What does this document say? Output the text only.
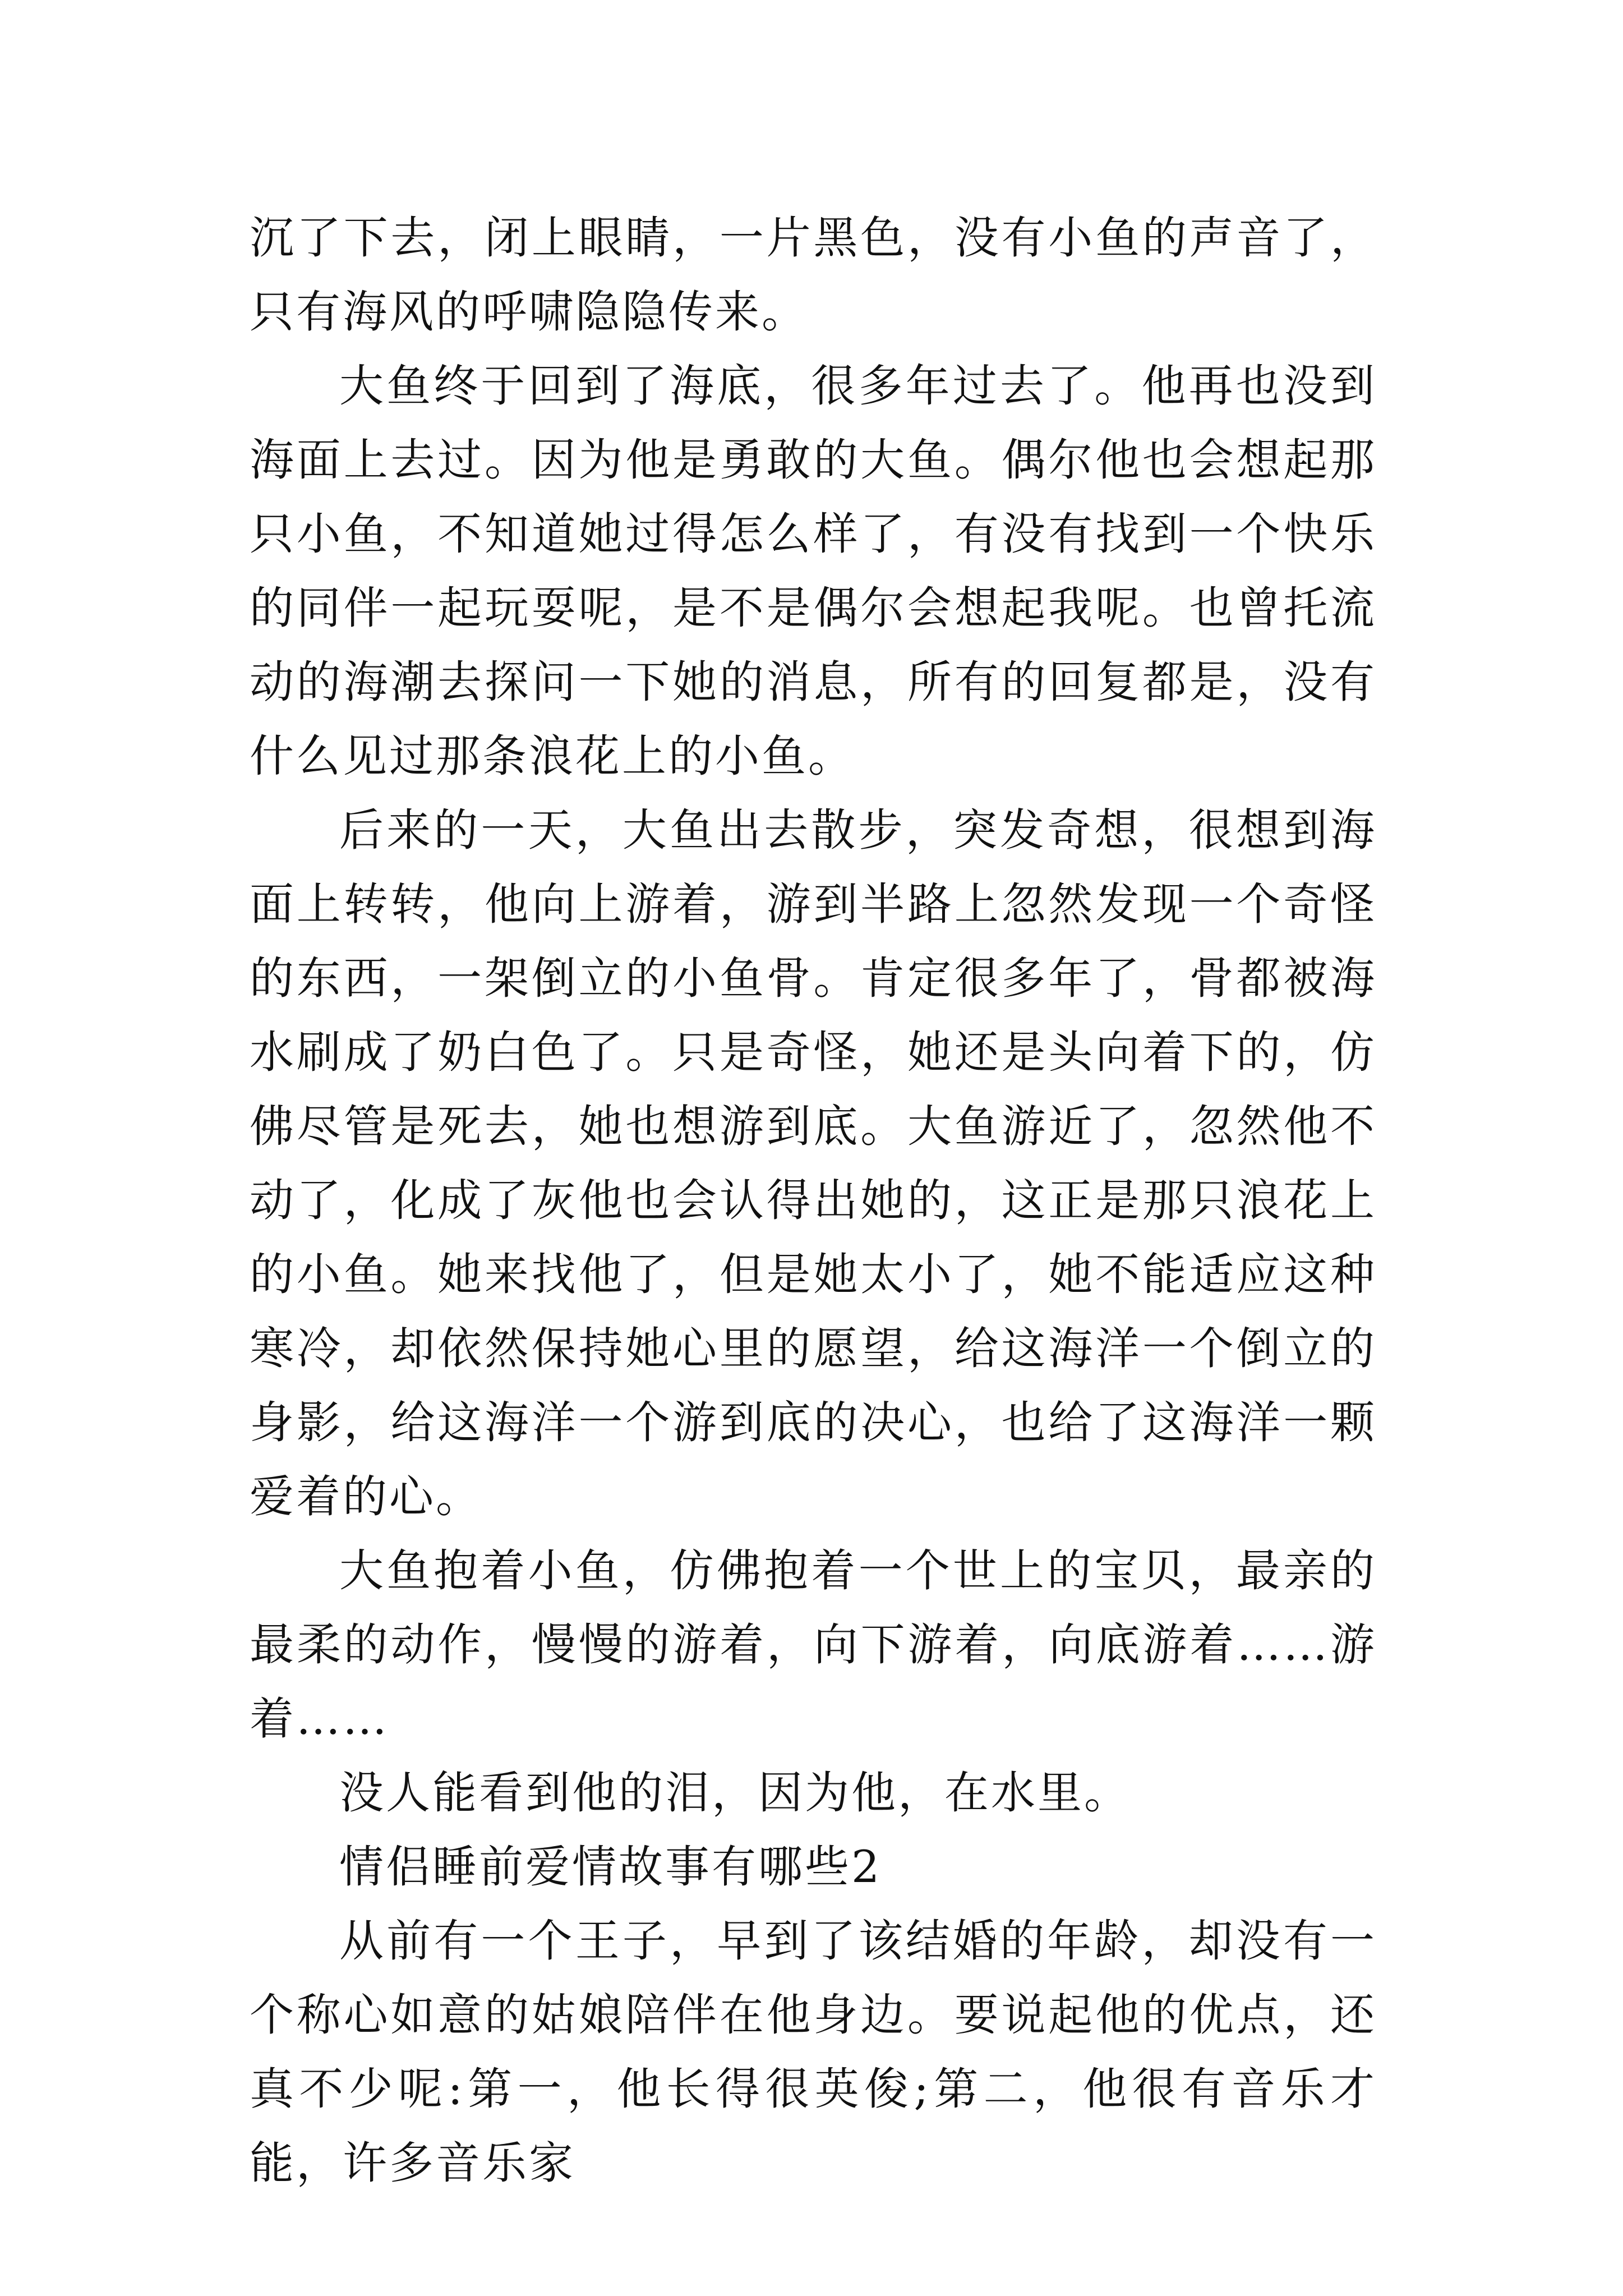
沉了下去，闭上眼睛，一片黑色，没有小鱼的声音了，只有海风的呼啸隐隐传来。

大鱼终于回到了海底，很多年过去了。他再也没到海面上去过。因为他是勇敢的大鱼。偶尔他也会想起那只小鱼，不知道她过得怎么样了，有没有找到一个快乐的同伴一起玩耍呢，是不是偶尔会想起我呢。也曾托流动的海潮去探问一下她的消息，所有的回复都是，没有什么见过那条浪花上的小鱼。

后来的一天，大鱼出去散步，突发奇想，很想到海面上转转，他向上游着，游到半路上忽然发现一个奇怪的东西，一架倒立的小鱼骨。肯定很多年了，骨都被海水刷成了奶白色了。只是奇怪，她还是头向着下的，仿佛尽管是死去，她也想游到底。大鱼游近了，忽然他不动了，化成了灰他也会认得出她的，这正是那只浪花上的小鱼。她来找他了，但是她太小了，她不能适应这种寒冷，却依然保持她心里的愿望，给这海洋一个倒立的身影，给这海洋一个游到底的决心，也给了这海洋一颗爱着的心。

大鱼抱着小鱼，仿佛抱着一个世上的宝贝，最亲的最柔的动作，慢慢的游着，向下游着，向底游着……游着……

没人能看到他的泪，因为他，在水里。

情侣睡前爱情故事有哪些2

从前有一个王子，早到了该结婚的年龄，却没有一个称心如意的姑娘陪伴在他身边。要说起他的优点，还真不少呢:第一，他长得很英俊;第二，他很有音乐才能，许多音乐家
